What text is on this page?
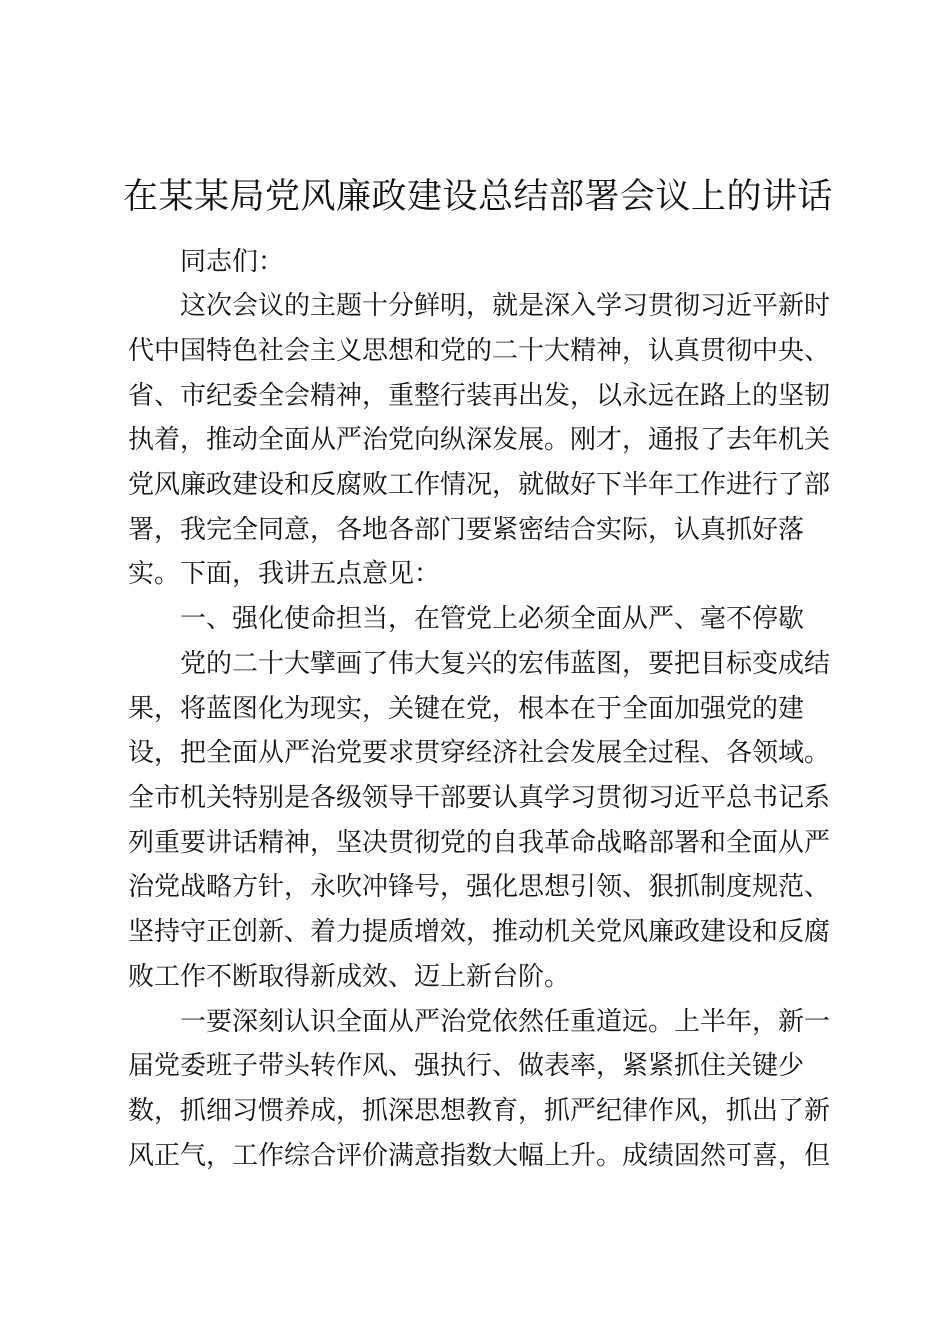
在某某局党风廉政建设总结部署会议上的讲话
同志们：
这次会议的主题十分鲜明，就是深入学习贯彻习近平新时
代中国特色社会主义思想和党的二十大精神，认真贯彻中央、
省、市纪委全会精神，重整行装再出发，以永远在路上的坚韧
执着，推动全面从严治党向纵深发展。刚才，通报了去年机关
党风廉政建设和反腐败工作情况，就做好下半年工作进行了部
署，我完全同意，各地各部门要紧密结合实际，认真抓好落
实。下面，我讲五点意见：
一、强化使命担当，在管党上必须全面从严、毫不停歇
党的二十大擘画了伟大复兴的宏伟蓝图，要把目标变成结
果，将蓝图化为现实，关键在党，根本在于全面加强党的建
设，把全面从严治党要求贯穿经济社会发展全过程、各领域。
全市机关特别是各级领导干部要认真学习贯彻习近平总书记系
列重要讲话精神，坚决贯彻党的自我革命战略部署和全面从严
治党战略方针，永吹冲锋号，强化思想引领、狠抓制度规范、
坚持守正创新、着力提质增效，推动机关党风廉政建设和反腐
败工作不断取得新成效、迈上新台阶。
一要深刻认识全面从严治党依然任重道远。上半年，新一
届党委班子带头转作风、强执行、做表率，紧紧抓住关键少
数，抓细习惯养成，抓深思想教育，抓严纪律作风，抓出了新
风正气，工作综合评价满意指数大幅上升。成绩固然可喜，但
